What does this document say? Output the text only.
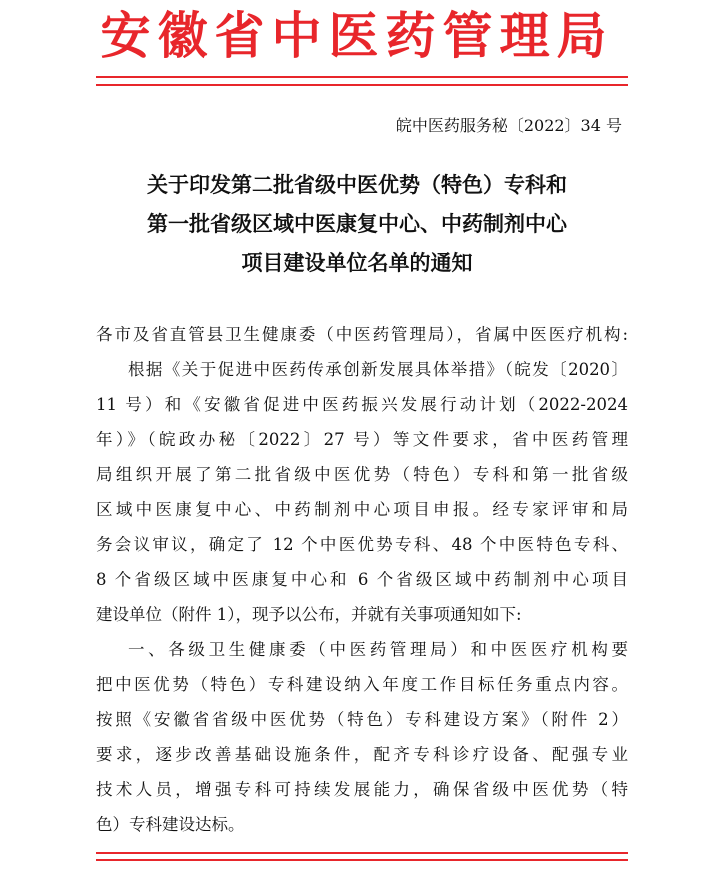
安徽省中医药管理局
皖中医药服务秘〔2022〕34 号
关于印发第二批省级中医优势（特色）专科和
第一批省级区域中医康复中心、中药制剂中心
项目建设单位名单的通知
各市及省直管县卫生健康委（中医药管理局），省属中医医疗机构:
根据《关于促进中医药传承创新发展具体举措》（皖发〔2020〕
11 号）和《安徽省促进中医药振兴发展行动计划（2022-2024
年）》（皖政办秘〔2022〕27 号）等文件要求，省中医药管理
局组织开展了第二批省级中医优势（特色）专科和第一批省级
区域中医康复中心、中药制剂中心项目申报。经专家评审和局
务会议审议，确定了 12 个中医优势专科、48 个中医特色专科、
8 个省级区域中医康复中心和 6 个省级区域中药制剂中心项目
建设单位（附件 1），现予以公布，并就有关事项通知如下:
一、各级卫生健康委（中医药管理局）和中医医疗机构要
把中医优势（特色）专科建设纳入年度工作目标任务重点内容。
按照《安徽省省级中医优势（特色）专科建设方案》（附件 2）
要求，逐步改善基础设施条件，配齐专科诊疗设备、配强专业
技术人员，增强专科可持续发展能力，确保省级中医优势（特
色）专科建设达标。
